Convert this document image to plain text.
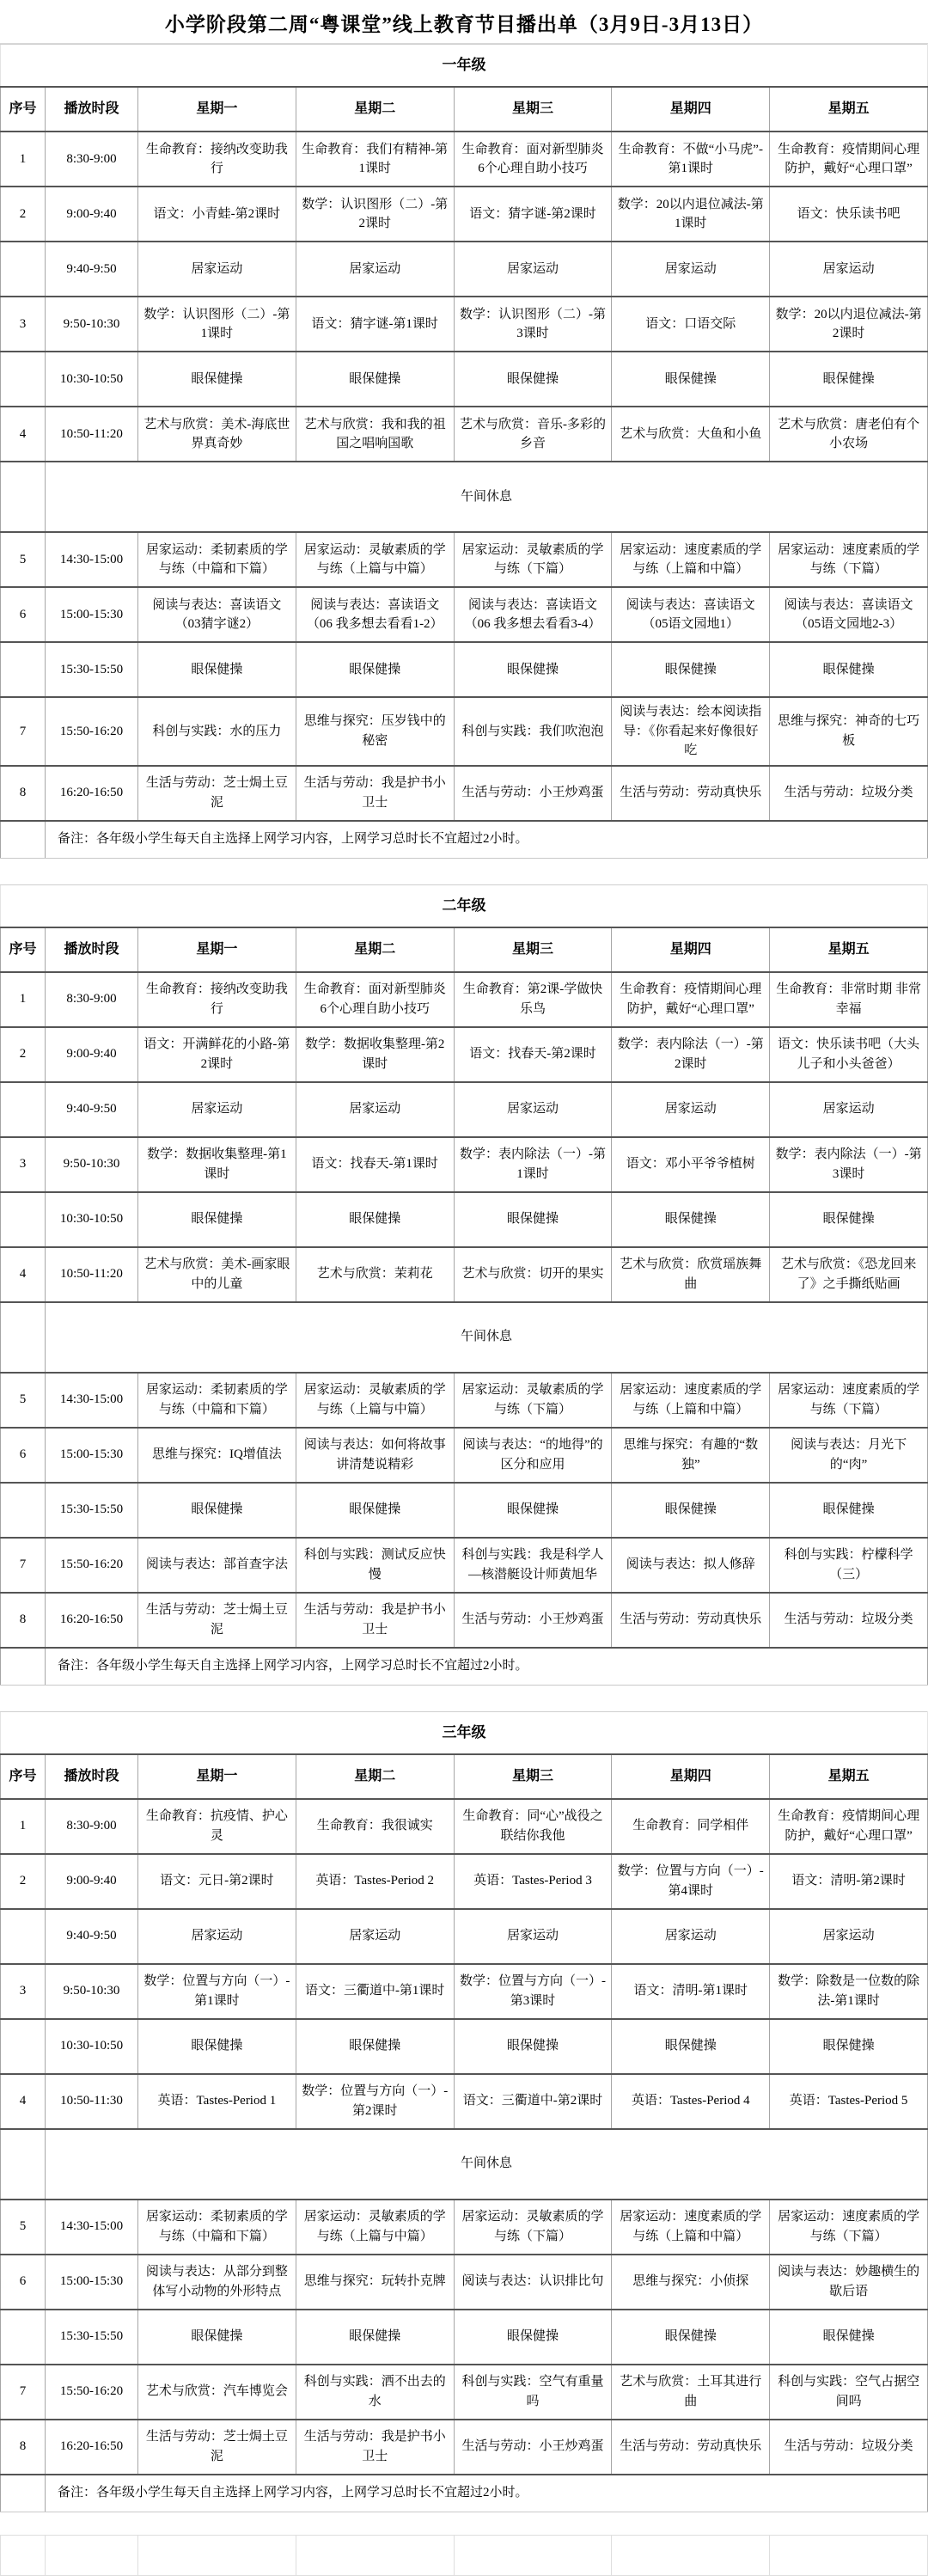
小学阶段第二周“粤课堂”线上教育节目播出单（3月9日-3月13日）
一年级						
序号	播放时段	星期一	星期二	星期三	星期四	星期五
1	8:30-9:00	生命教育：接纳改变助我行	生命教育：我们有精神-第1课时	生命教育：面对新型肺炎6个心理自助小技巧	生命教育：不做“小马虎”-第1课时	生命教育：疫情期间心理防护，戴好“心理口罩”
2	9:00-9:40	语文：小青蛙-第2课时	数学：认识图形（二）-第2课时	语文：猜字谜-第2课时	数学：20以内退位减法-第1课时	语文：快乐读书吧
	9:40-9:50	居家运动	居家运动	居家运动	居家运动	居家运动
3	9:50-10:30	数学：认识图形（二）-第1课时	语文：猜字谜-第1课时	数学：认识图形（二）-第3课时	语文：口语交际	数学：20以内退位减法-第2课时
	10:30-10:50	眼保健操	眼保健操	眼保健操	眼保健操	眼保健操
4	10:50-11:20	艺术与欣赏：美术-海底世界真奇妙	艺术与欣赏：我和我的祖国之唱响国歌	艺术与欣赏：音乐-多彩的乡音	艺术与欣赏：大鱼和小鱼	艺术与欣赏：唐老伯有个小农场
	午间休息					
5	14:30-15:00	居家运动：柔韧素质的学与练（中篇和下篇）	居家运动：灵敏素质的学与练（上篇与中篇）	居家运动：灵敏素质的学与练（下篇）	居家运动：速度素质的学与练（上篇和中篇）	居家运动：速度素质的学与练（下篇）
6	15:00-15:30	阅读与表达：喜读语文（03猜字谜2）	阅读与表达：喜读语文（06 我多想去看看1-2）	阅读与表达：喜读语文（06 我多想去看看3-4）	阅读与表达：喜读语文（05语文园地1）	阅读与表达：喜读语文（05语文园地2-3）
	15:30-15:50	眼保健操	眼保健操	眼保健操	眼保健操	眼保健操
7	15:50-16:20	科创与实践：水的压力	思维与探究：压岁钱中的秘密	科创与实践：我们吹泡泡	阅读与表达：绘本阅读指导：《你看起来好像很好吃	思维与探究：神奇的七巧板
8	16:20-16:50	生活与劳动：芝士焗土豆泥	生活与劳动：我是护书小卫士	生活与劳动：小王炒鸡蛋	生活与劳动：劳动真快乐	生活与劳动：垃圾分类
	备注：各年级小学生每天自主选择上网学习内容，上网学习总时长不宜超过2小时。					
二年级						
序号	播放时段	星期一	星期二	星期三	星期四	星期五
1	8:30-9:00	生命教育：接纳改变助我行	生命教育：面对新型肺炎6个心理自助小技巧	生命教育：第2课-学做快乐鸟	生命教育：疫情期间心理防护，戴好“心理口罩”	生命教育：非常时期 非常幸福
2	9:00-9:40	语文：开满鲜花的小路-第2课时	数学：数据收集整理-第2课时	语文：找春天-第2课时	数学：表内除法（一）-第2课时	语文：快乐读书吧（大头儿子和小头爸爸）
	9:40-9:50	居家运动	居家运动	居家运动	居家运动	居家运动
3	9:50-10:30	数学：数据收集整理-第1课时	语文：找春天-第1课时	数学：表内除法（一）-第1课时	语文：邓小平爷爷植树	数学：表内除法（一）-第3课时
	10:30-10:50	眼保健操	眼保健操	眼保健操	眼保健操	眼保健操
4	10:50-11:20	艺术与欣赏：美术-画家眼中的儿童	艺术与欣赏：茉莉花	艺术与欣赏：切开的果实	艺术与欣赏：欣赏瑶族舞曲	艺术与欣赏：《恐龙回来了》之手撕纸贴画
	午间休息					
5	14:30-15:00	居家运动：柔韧素质的学与练（中篇和下篇）	居家运动：灵敏素质的学与练（上篇与中篇）	居家运动：灵敏素质的学与练（下篇）	居家运动：速度素质的学与练（上篇和中篇）	居家运动：速度素质的学与练（下篇）
6	15:00-15:30	思维与探究：IQ增值法	阅读与表达：如何将故事讲清楚说精彩	阅读与表达：“的地得”的区分和应用	思维与探究：有趣的“数独”	阅读与表达：月光下的“肉”
	15:30-15:50	眼保健操	眼保健操	眼保健操	眼保健操	眼保健操
7	15:50-16:20	阅读与表达：部首查字法	科创与实践：测试反应快慢	科创与实践：我是科学人—核潜艇设计师黄旭华	阅读与表达：拟人修辞	科创与实践：柠檬科学（三）
8	16:20-16:50	生活与劳动：芝士焗土豆泥	生活与劳动：我是护书小卫士	生活与劳动：小王炒鸡蛋	生活与劳动：劳动真快乐	生活与劳动：垃圾分类
	备注：各年级小学生每天自主选择上网学习内容，上网学习总时长不宜超过2小时。					
三年级						
序号	播放时段	星期一	星期二	星期三	星期四	星期五
1	8:30-9:00	生命教育：抗疫情、护心灵	生命教育：我很诚实	生命教育：同“心”战役之联结你我他	生命教育：同学相伴	生命教育：疫情期间心理防护，戴好“心理口罩”
2	9:00-9:40	语文：元日-第2课时	英语：Tastes-Period 2	英语：Tastes-Period 3	数学：位置与方向（一）-第4课时	语文：清明-第2课时
	9:40-9:50	居家运动	居家运动	居家运动	居家运动	居家运动
3	9:50-10:30	数学：位置与方向（一）-第1课时	语文：三衢道中-第1课时	数学：位置与方向（一）-第3课时	语文：清明-第1课时	数学：除数是一位数的除法-第1课时
	10:30-10:50	眼保健操	眼保健操	眼保健操	眼保健操	眼保健操
4	10:50-11:30	英语：Tastes-Period 1	数学：位置与方向（一）-第2课时	语文：三衢道中-第2课时	英语：Tastes-Period 4	英语：Tastes-Period 5
	午间休息					
5	14:30-15:00	居家运动：柔韧素质的学与练（中篇和下篇）	居家运动：灵敏素质的学与练（上篇与中篇）	居家运动：灵敏素质的学与练（下篇）	居家运动：速度素质的学与练（上篇和中篇）	居家运动：速度素质的学与练（下篇）
6	15:00-15:30	阅读与表达：从部分到整体写小动物的外形特点	思维与探究：玩转扑克牌	阅读与表达：认识排比句	思维与探究：小侦探	阅读与表达：妙趣横生的歇后语
	15:30-15:50	眼保健操	眼保健操	眼保健操	眼保健操	眼保健操
7	15:50-16:20	艺术与欣赏：汽车博览会	科创与实践：洒不出去的水	科创与实践：空气有重量吗	艺术与欣赏：土耳其进行曲	科创与实践：空气占据空间吗
8	16:20-16:50	生活与劳动：芝士焗土豆泥	生活与劳动：我是护书小卫士	生活与劳动：小王炒鸡蛋	生活与劳动：劳动真快乐	生活与劳动：垃圾分类
	备注：各年级小学生每天自主选择上网学习内容，上网学习总时长不宜超过2小时。					
